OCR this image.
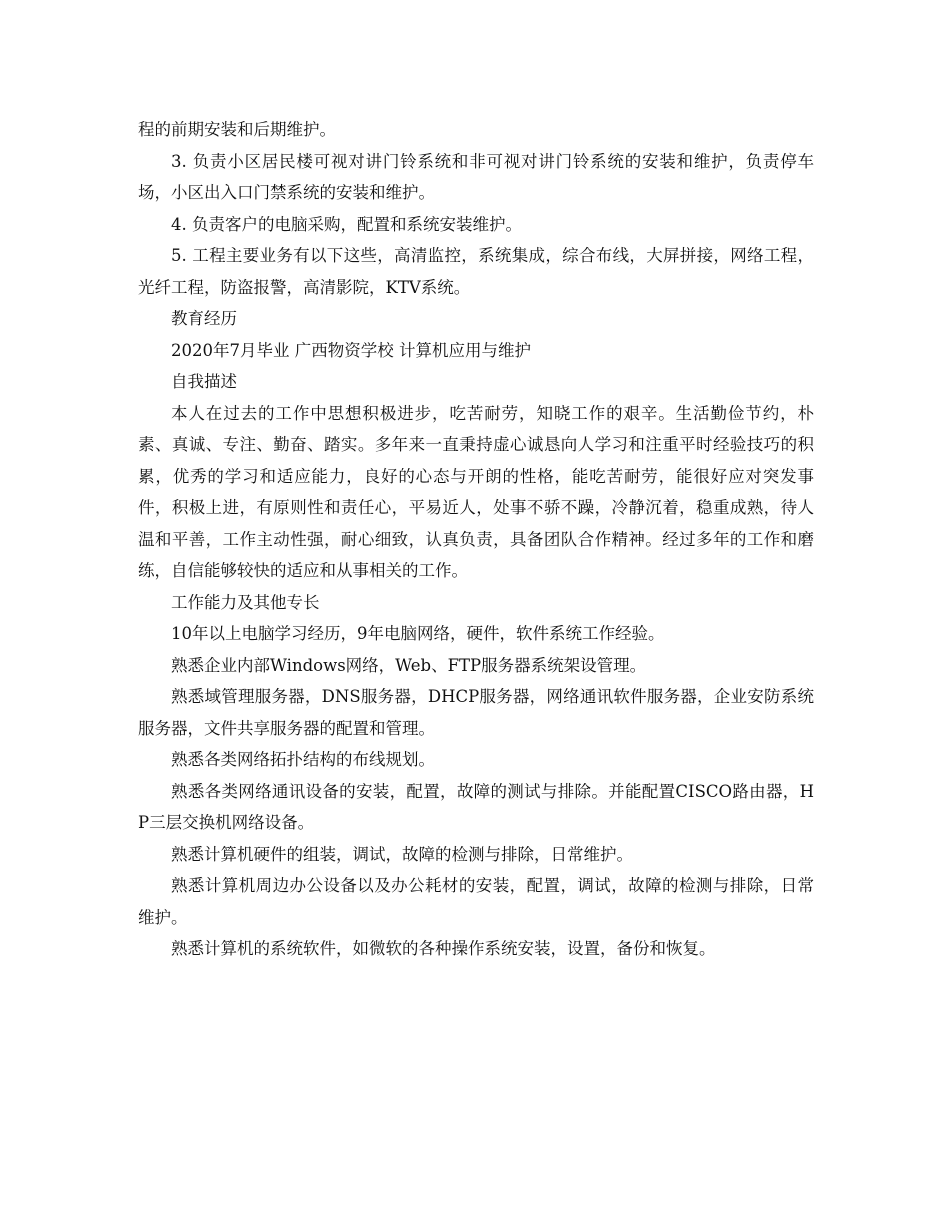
程的前期安装和后期维护。

3. 负责小区居民楼可视对讲门铃系统和非可视对讲门铃系统的安装和维护，负责停车场，小区出入口门禁系统的安装和维护。

4. 负责客户的电脑采购，配置和系统安装维护。

5. 工程主要业务有以下这些，高清监控，系统集成，综合布线，大屏拼接，网络工程，光纤工程，防盗报警，高清影院，KTV系统。

教育经历

2020年7月毕业 广西物资学校 计算机应用与维护

自我描述

本人在过去的工作中思想积极进步，吃苦耐劳，知晓工作的艰辛。生活勤俭节约，朴素、真诚、专注、勤奋、踏实。多年来一直秉持虚心诚恳向人学习和注重平时经验技巧的积累，优秀的学习和适应能力，良好的心态与开朗的性格，能吃苦耐劳，能很好应对突发事件，积极上进，有原则性和责任心，平易近人，处事不骄不躁，冷静沉着，稳重成熟，待人温和平善，工作主动性强，耐心细致，认真负责，具备团队合作精神。经过多年的工作和磨练，自信能够较快的适应和从事相关的工作。

工作能力及其他专长

10年以上电脑学习经历，9年电脑网络，硬件，软件系统工作经验。

熟悉企业内部Windows网络，Web、FTP服务器系统架设管理。

熟悉域管理服务器，DNS服务器，DHCP服务器，网络通讯软件服务器，企业安防系统服务器，文件共享服务器的配置和管理。

熟悉各类网络拓扑结构的布线规划。

熟悉各类网络通讯设备的安装，配置，故障的测试与排除。并能配置CISCO路由器，HP三层交换机网络设备。

熟悉计算机硬件的组装，调试，故障的检测与排除，日常维护。

熟悉计算机周边办公设备以及办公耗材的安装，配置，调试，故障的检测与排除，日常维护。

熟悉计算机的系统软件，如微软的各种操作系统安装，设置，备份和恢复。
